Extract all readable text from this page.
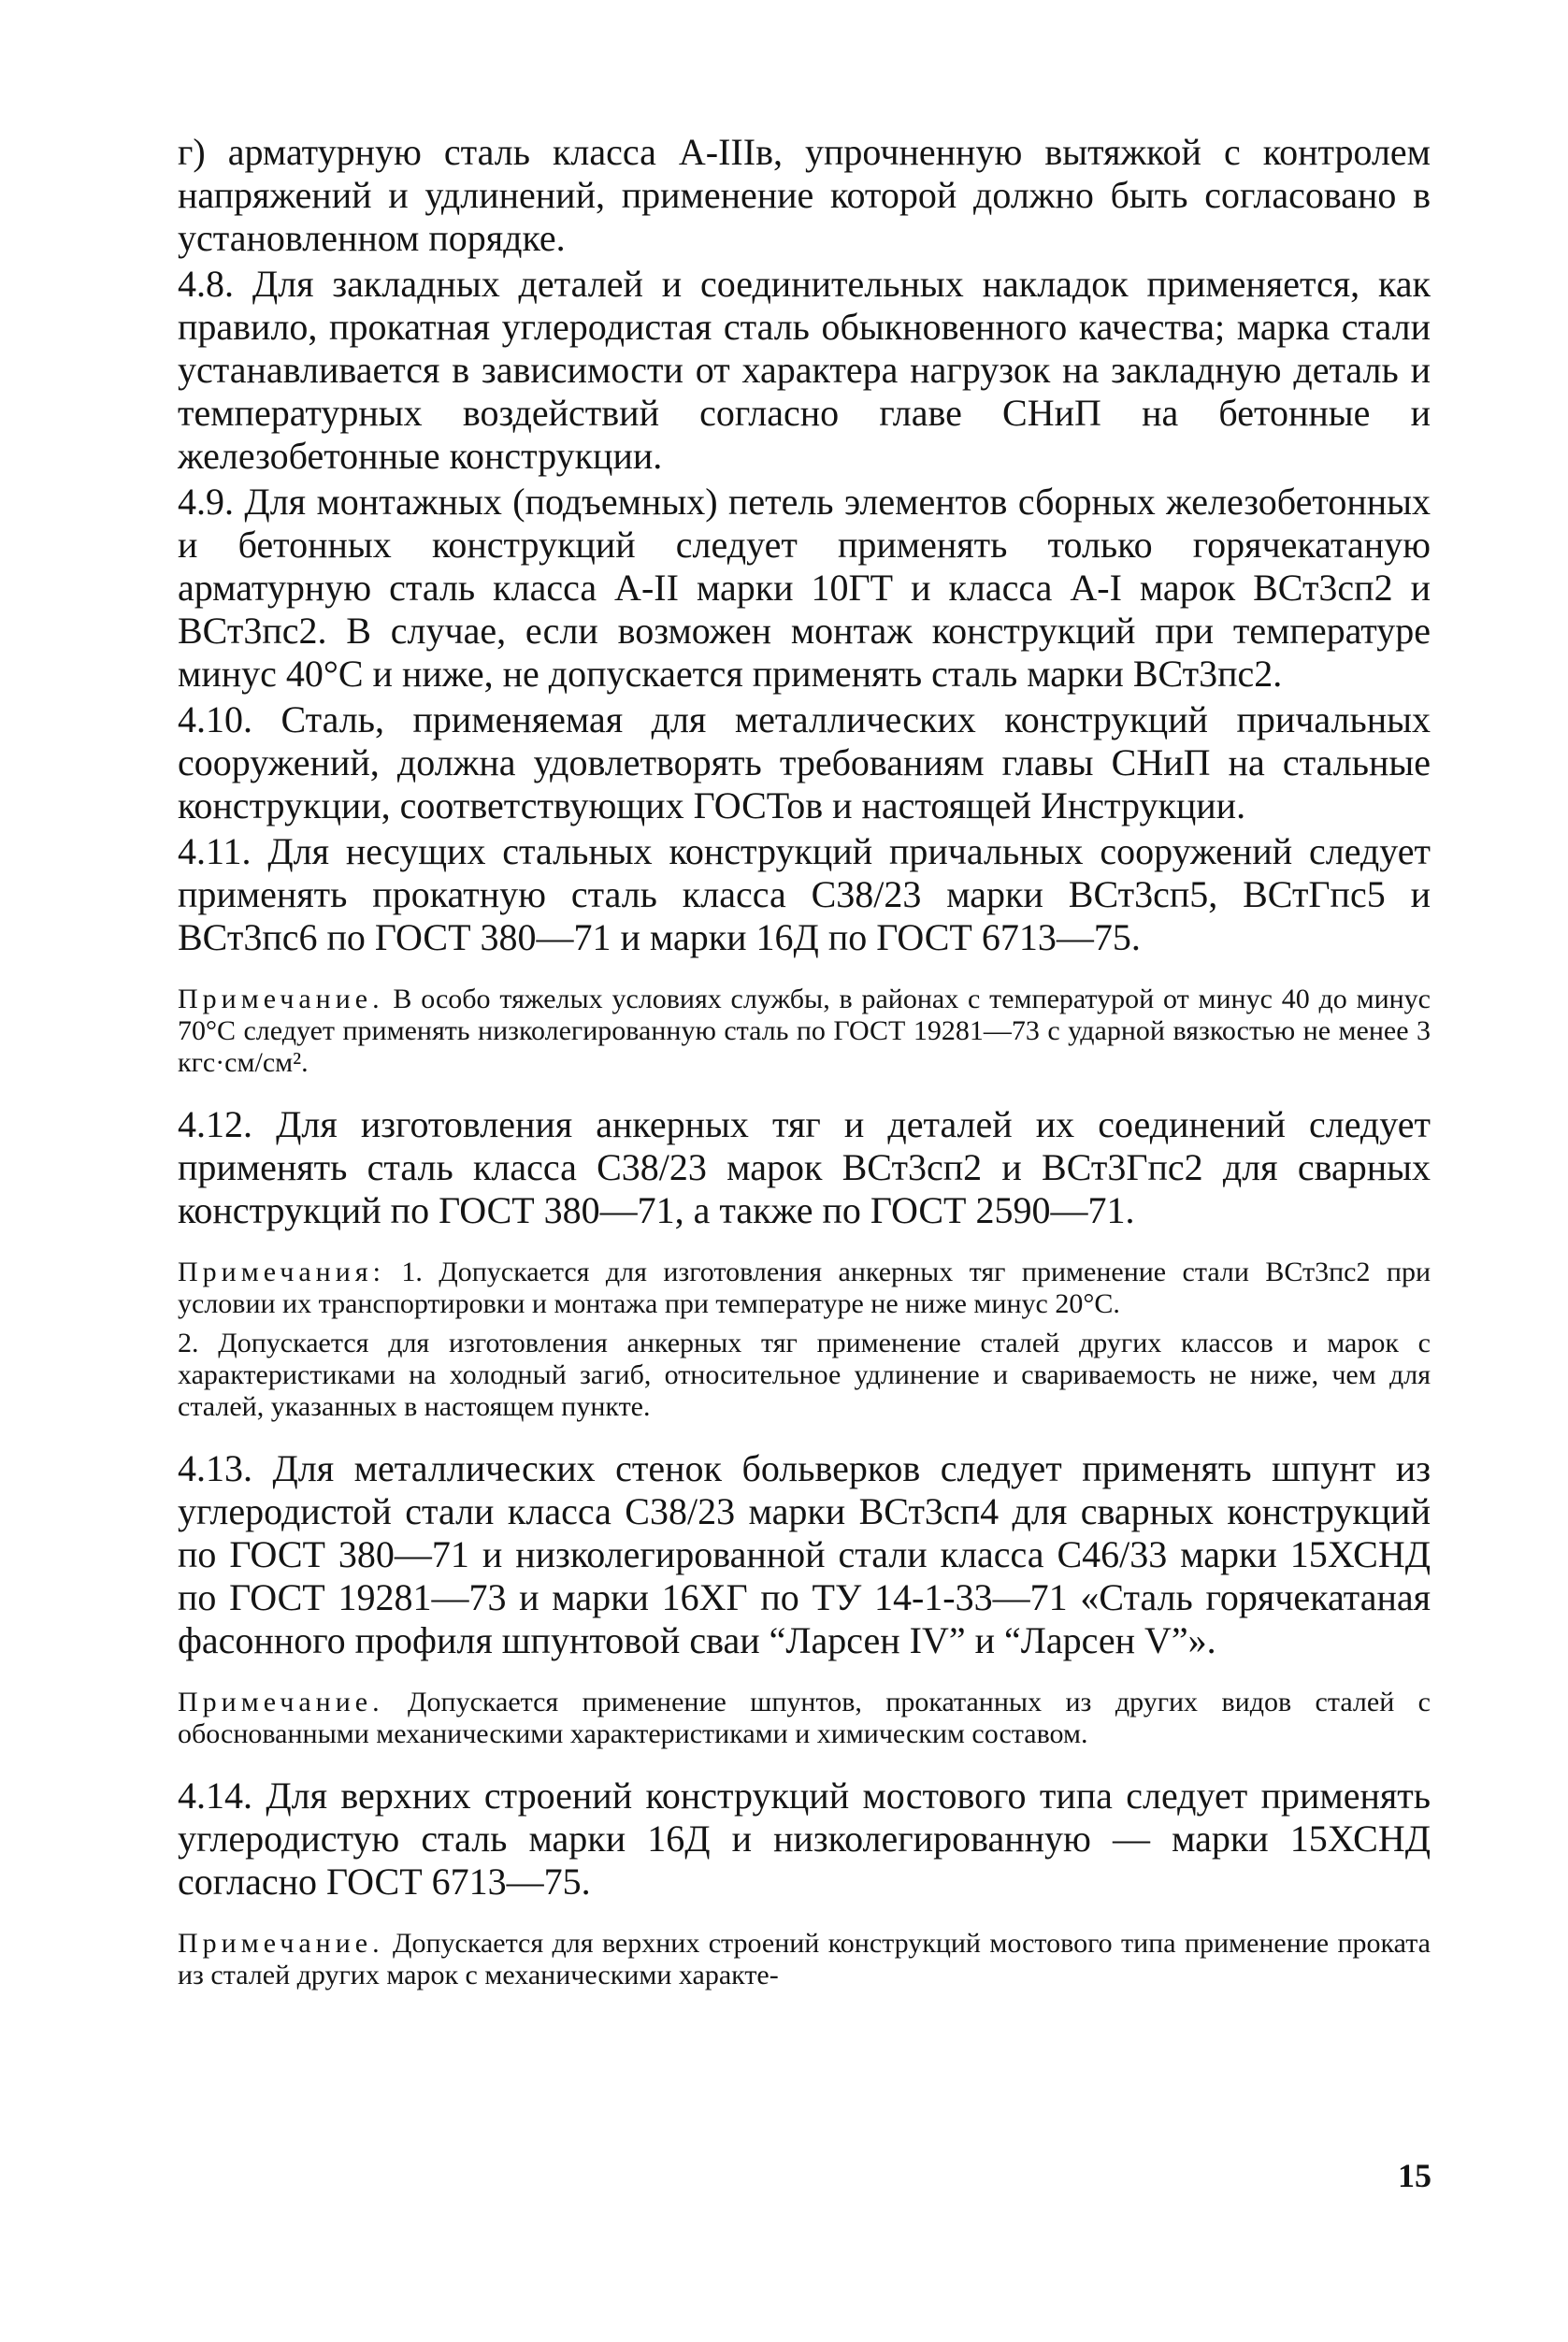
г) арматурную сталь класса А-IIIв, упрочненную вытяжкой с контролем напряжений и удлинений, применение которой должно быть согласовано в установленном порядке.

4.8. Для закладных деталей и соединительных накладок применяется, как правило, прокатная углеродистая сталь обыкновенного качества; марка стали устанавливается в зависимости от характера нагрузок на закладную деталь и температурных воздействий согласно главе СНиП на бетонные и железобетонные конструкции.

4.9. Для монтажных (подъемных) петель элементов сборных железобетонных и бетонных конструкций следует применять только горячекатаную арматурную сталь класса А-II марки 10ГТ и класса А-I марок ВСт3сп2 и ВСт3пс2. В случае, если возможен монтаж конструкций при температуре минус 40°С и ниже, не допускается применять сталь марки ВСт3пс2.

4.10. Сталь, применяемая для металлических конструкций причальных сооружений, должна удовлетворять требованиям главы СНиП на стальные конструкции, соответствующих ГОСТов и настоящей Инструкции.

4.11. Для несущих стальных конструкций причальных сооружений следует применять прокатную сталь класса С38/23 марки ВСт3сп5, ВСтГпс5 и ВСт3пс6 по ГОСТ 380—71 и марки 16Д по ГОСТ 6713—75.

Примечание. В особо тяжелых условиях службы, в районах с температурой от минус 40 до минус 70°С следует применять низколегированную сталь по ГОСТ 19281—73 с ударной вязкостью не менее 3 кгс·см/см².

4.12. Для изготовления анкерных тяг и деталей их соединений следует применять сталь класса С38/23 марок ВСт3сп2 и ВСт3Гпс2 для сварных конструкций по ГОСТ 380—71, а также по ГОСТ 2590—71.

Примечания: 1. Допускается для изготовления анкерных тяг применение стали ВСт3пс2 при условии их транспортировки и монтажа при температуре не ниже минус 20°С.

2. Допускается для изготовления анкерных тяг применение сталей других классов и марок с характеристиками на холодный загиб, относительное удлинение и свариваемость не ниже, чем для сталей, указанных в настоящем пункте.

4.13. Для металлических стенок больверков следует применять шпунт из углеродистой стали класса С38/23 марки ВСт3сп4 для сварных конструкций по ГОСТ 380—71 и низколегированной стали класса С46/33 марки 15ХСНД по ГОСТ 19281—73 и марки 16ХГ по ТУ 14-1-33—71 «Сталь горячекатаная фасонного профиля шпунтовой сваи “Ларсен IV” и “Ларсен V”».

Примечание. Допускается применение шпунтов, прокатанных из других видов сталей с обоснованными механическими характеристиками и химическим составом.

4.14. Для верхних строений конструкций мостового типа следует применять углеродистую сталь марки 16Д и низколегированную — марки 15ХСНД согласно ГОСТ 6713—75.

Примечание. Допускается для верхних строений конструкций мостового типа применение проката из сталей других марок с механическими характе-

15
